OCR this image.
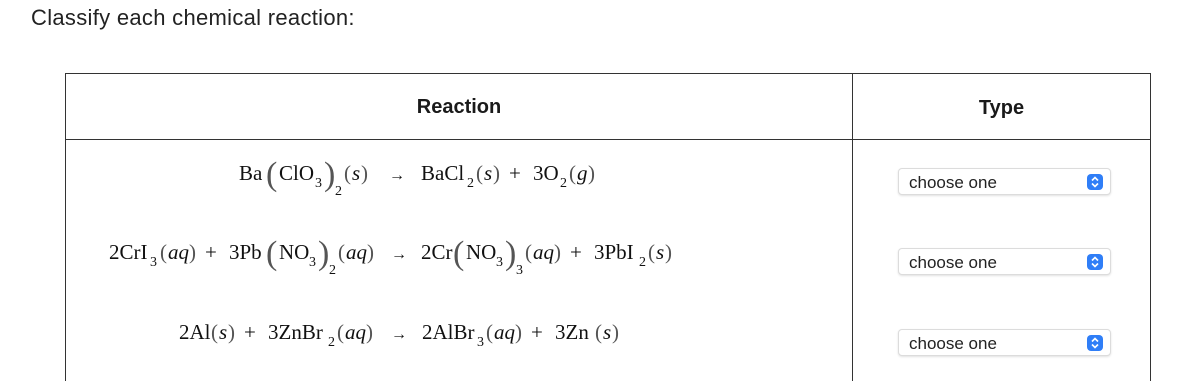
Classify each chemical reaction:
Reaction	Type
Ba ( ClO 3 ) 2
( s ) → BaCl 2 ( s ) + 3O 2 ( g )
2CrI 3 ( aq ) + 3Pb ( NO 3 ) 2
( aq ) → 2Cr ( NO 3 ) 3
( aq ) + 3PbI 2 ( s )
2Al ( s ) + 3ZnBr 2 ( aq ) → 2AlBr 3 ( aq ) + 3Zn ( s )
choose one
choose one
choose one
